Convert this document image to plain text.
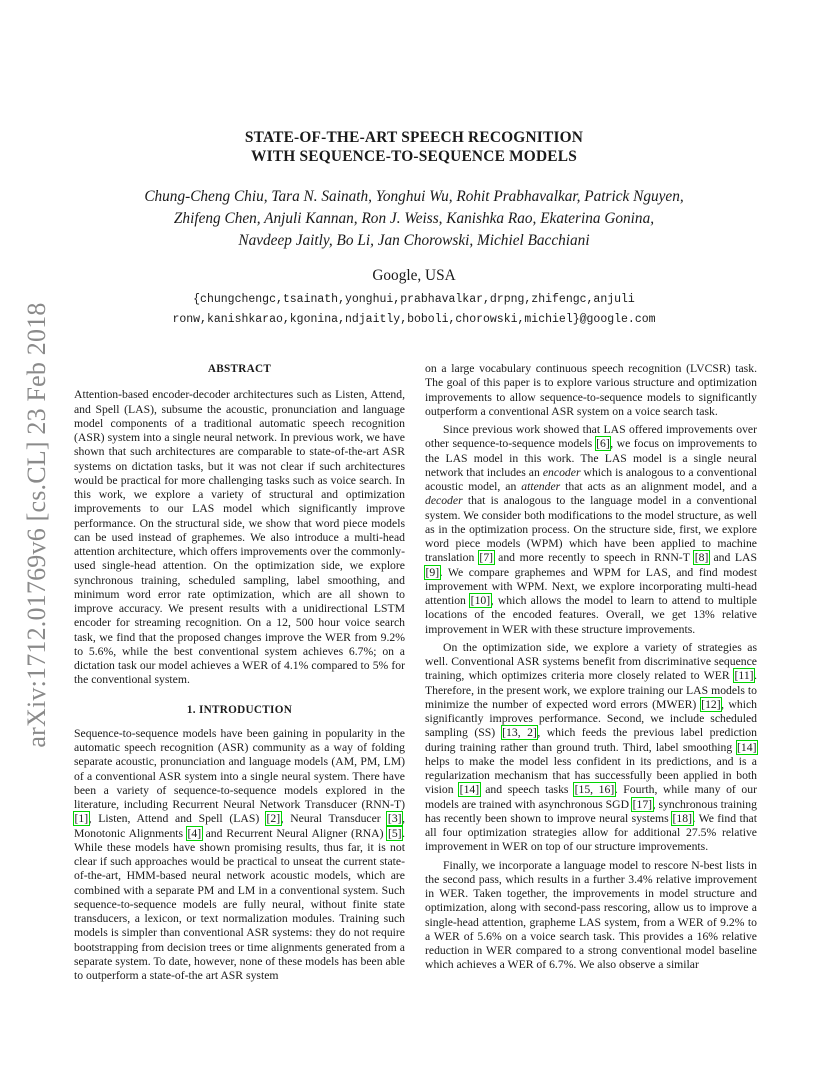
arXiv:1712.01769v6 [cs.CL] 23 Feb 2018
STATE-OF-THE-ART SPEECH RECOGNITION
WITH SEQUENCE-TO-SEQUENCE MODELS
Chung-Cheng Chiu, Tara N. Sainath, Yonghui Wu, Rohit Prabhavalkar, Patrick Nguyen,
Zhifeng Chen, Anjuli Kannan, Ron J. Weiss, Kanishka Rao, Ekaterina Gonina,
Navdeep Jaitly, Bo Li, Jan Chorowski, Michiel Bacchiani
Google, USA
{chungchengc,tsainath,yonghui,prabhavalkar,drpng,zhifengc,anjuli
ronw,kanishkarao,kgonina,ndjaitly,boboli,chorowski,michiel}@google.com
ABSTRACT

Attention-based encoder-decoder architectures such as Listen, Attend, and Spell (LAS), subsume the acoustic, pronunciation and language model components of a traditional automatic speech recognition (ASR) system into a single neural network. In previous work, we have shown that such architectures are comparable to state-of-the-art ASR systems on dictation tasks, but it was not clear if such architectures would be practical for more challenging tasks such as voice search. In this work, we explore a variety of structural and optimization improvements to our LAS model which significantly improve performance. On the structural side, we show that word piece models can be used instead of graphemes. We also introduce a multi-head attention architecture, which offers improvements over the commonly-used single-head attention. On the optimization side, we explore synchronous training, scheduled sampling, label smoothing, and minimum word error rate optimization, which are all shown to improve accuracy. We present results with a unidirectional LSTM encoder for streaming recognition. On a 12, 500 hour voice search task, we find that the proposed changes improve the WER from 9.2% to 5.6%, while the best conventional system achieves 6.7%; on a dictation task our model achieves a WER of 4.1% compared to 5% for the conventional system.

1. INTRODUCTION

Sequence-to-sequence models have been gaining in popularity in the automatic speech recognition (ASR) community as a way of folding separate acoustic, pronunciation and language models (AM, PM, LM) of a conventional ASR system into a single neural system. There have been a variety of sequence-to-sequence models explored in the literature, including Recurrent Neural Network Transducer (RNN-T) [1], Listen, Attend and Spell (LAS) [2], Neural Transducer [3], Monotonic Alignments [4] and Recurrent Neural Aligner (RNA) [5]. While these models have shown promising results, thus far, it is not clear if such approaches would be practical to unseat the current state-of-the-art, HMM-based neural network acoustic models, which are combined with a separate PM and LM in a conventional system. Such sequence-to-sequence models are fully neural, without finite state transducers, a lexicon, or text normalization modules. Training such models is simpler than conventional ASR systems: they do not require bootstrapping from decision trees or time alignments generated from a separate system. To date, however, none of these models has been able to outperform a state-of-the art ASR system

on a large vocabulary continuous speech recognition (LVCSR) task. The goal of this paper is to explore various structure and optimization improvements to allow sequence-to-sequence models to significantly outperform a conventional ASR system on a voice search task.

Since previous work showed that LAS offered improvements over other sequence-to-sequence models [6], we focus on improvements to the LAS model in this work. The LAS model is a single neural network that includes an encoder which is analogous to a conventional acoustic model, an attender that acts as an alignment model, and a decoder that is analogous to the language model in a conventional system. We consider both modifications to the model structure, as well as in the optimization process. On the structure side, first, we explore word piece models (WPM) which have been applied to machine translation [7] and more recently to speech in RNN-T [8] and LAS [9]. We compare graphemes and WPM for LAS, and find modest improvement with WPM. Next, we explore incorporating multi-head attention [10], which allows the model to learn to attend to multiple locations of the encoded features. Overall, we get 13% relative improvement in WER with these structure improvements.

On the optimization side, we explore a variety of strategies as well. Conventional ASR systems benefit from discriminative sequence training, which optimizes criteria more closely related to WER [11]. Therefore, in the present work, we explore training our LAS models to minimize the number of expected word errors (MWER) [12], which significantly improves performance. Second, we include scheduled sampling (SS) [13, 2], which feeds the previous label prediction during training rather than ground truth. Third, label smoothing [14] helps to make the model less confident in its predictions, and is a regularization mechanism that has successfully been applied in both vision [14] and speech tasks [15, 16]. Fourth, while many of our models are trained with asynchronous SGD [17], synchronous training has recently been shown to improve neural systems [18]. We find that all four optimization strategies allow for additional 27.5% relative improvement in WER on top of our structure improvements.

Finally, we incorporate a language model to rescore N-best lists in the second pass, which results in a further 3.4% relative improvement in WER. Taken together, the improvements in model structure and optimization, along with second-pass rescoring, allow us to improve a single-head attention, grapheme LAS system, from a WER of 9.2% to a WER of 5.6% on a voice search task. This provides a 16% relative reduction in WER compared to a strong conventional model baseline which achieves a WER of 6.7%. We also observe a similar
